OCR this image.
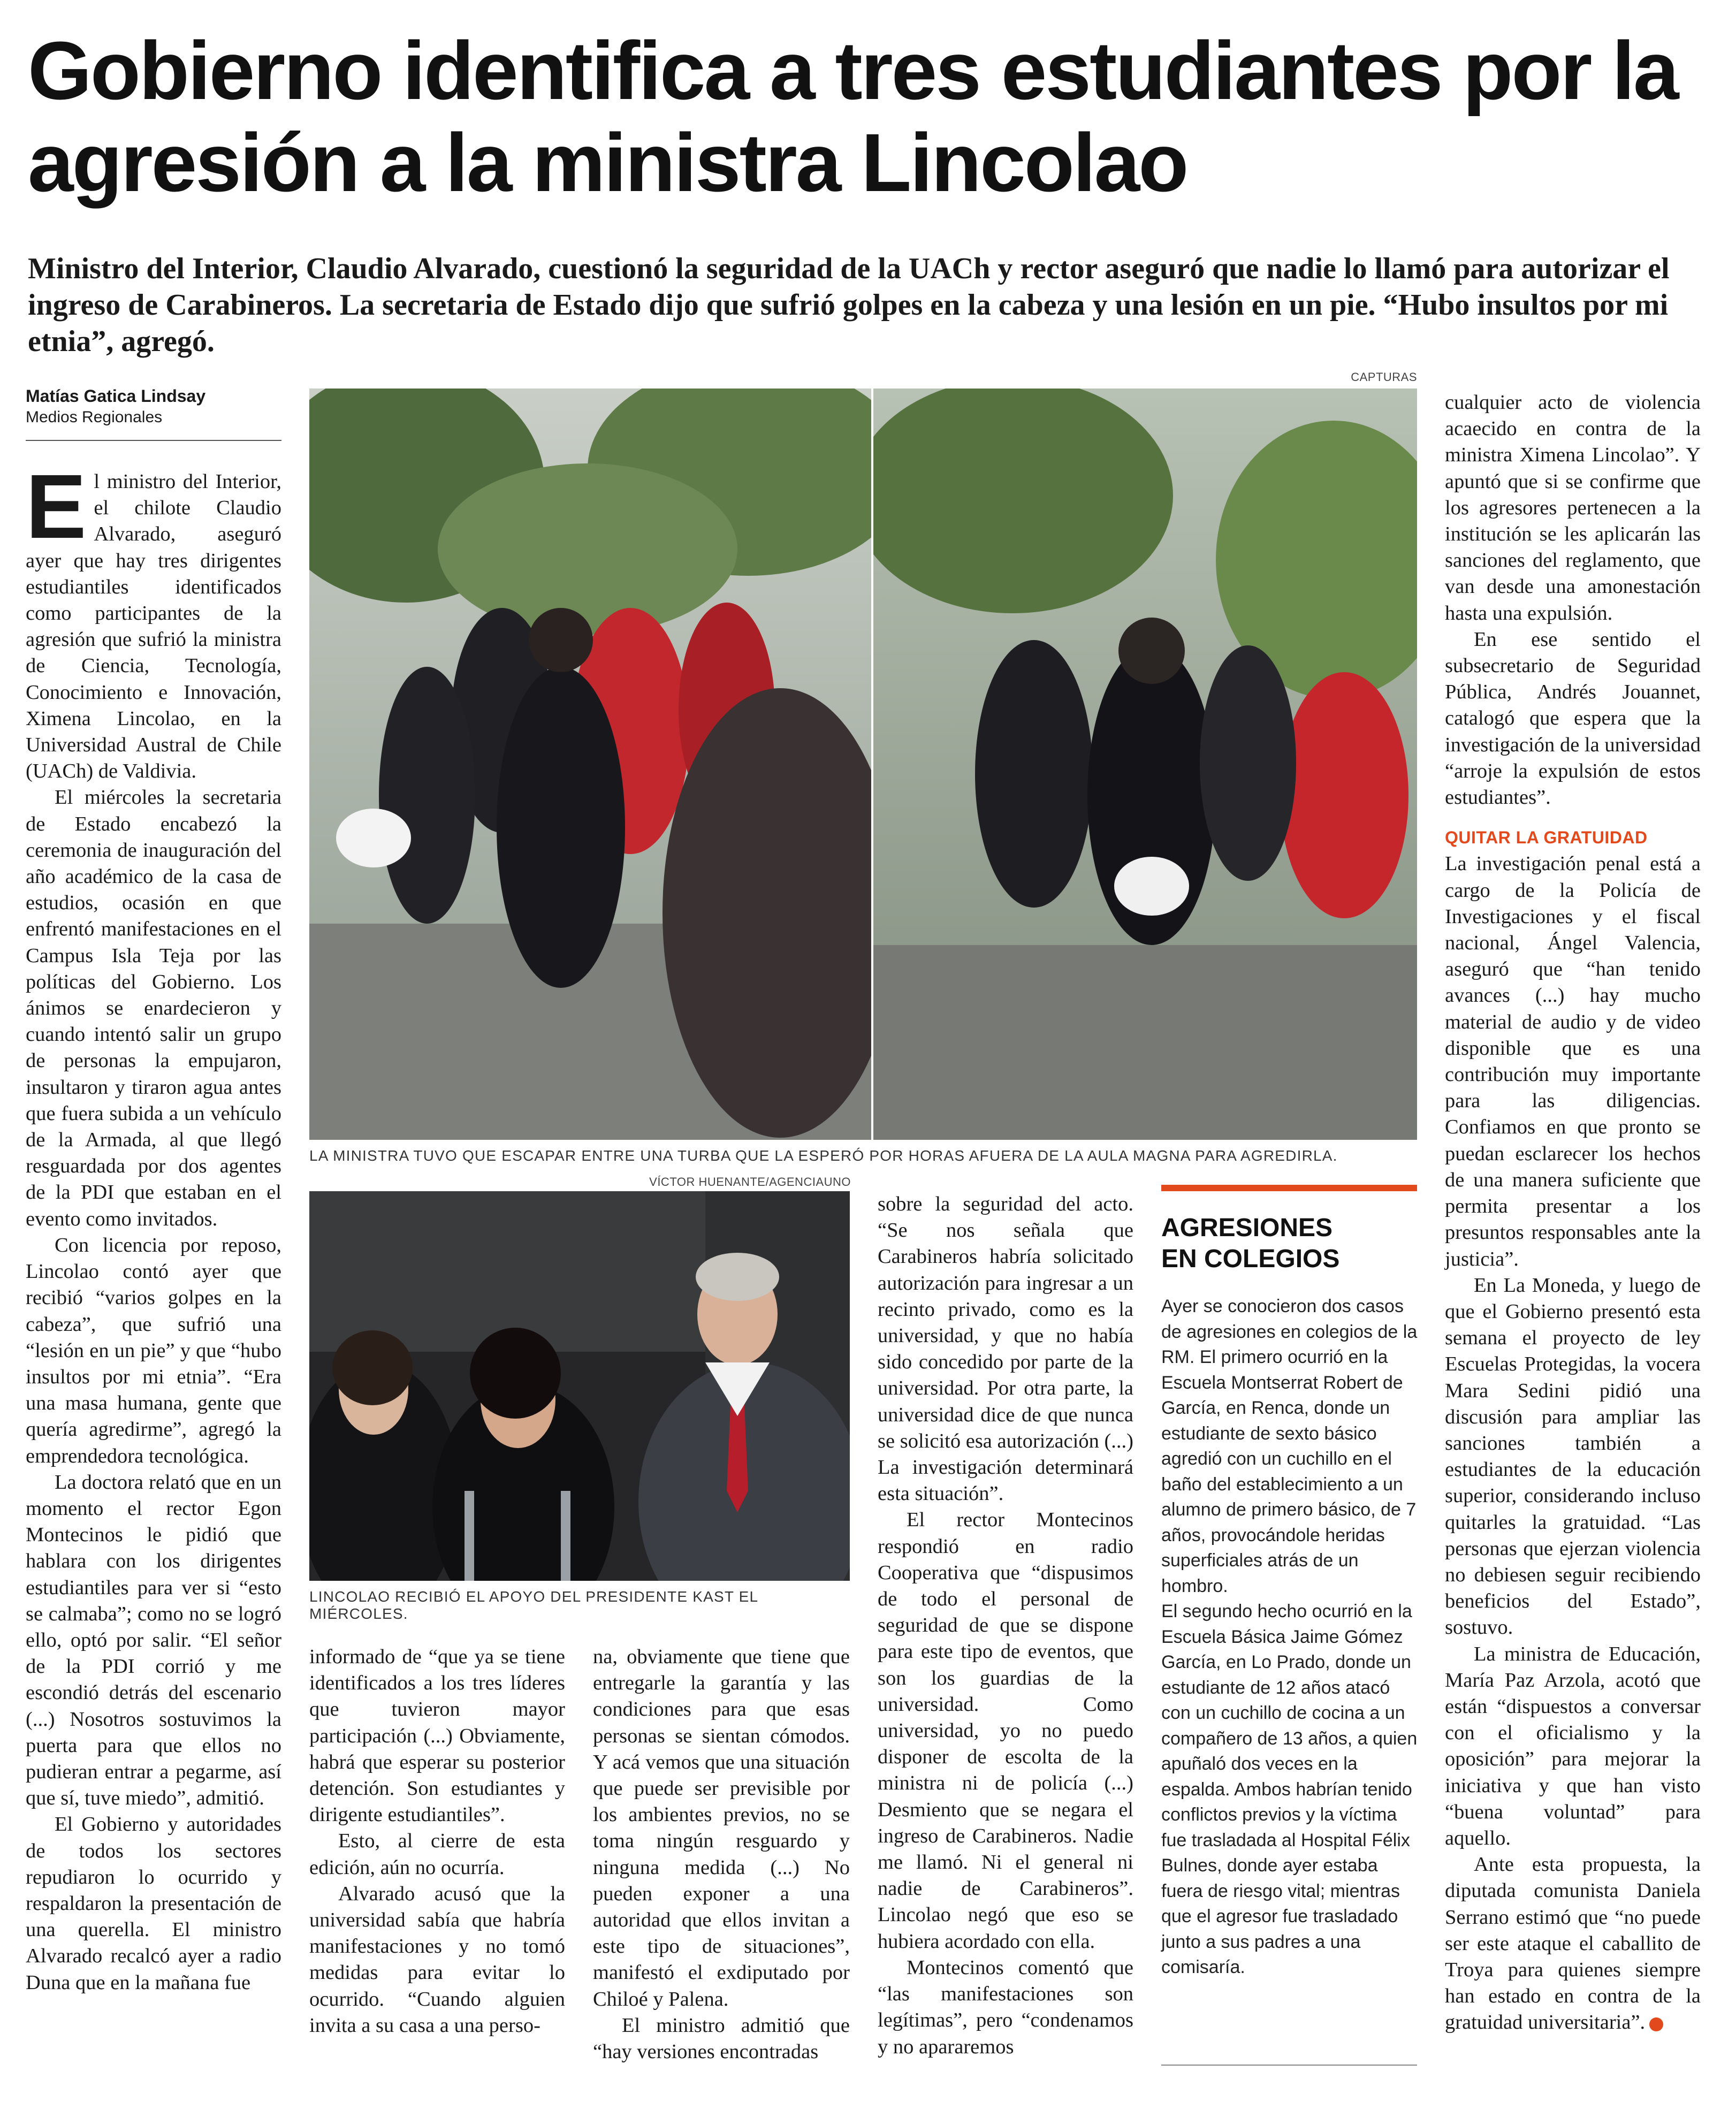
Gobierno identifica a tres estudiantes por la agresión a la ministra Lincolao
Ministro del Interior, Claudio Alvarado, cuestionó la seguridad de la UACh y rector aseguró que nadie lo llamó para autorizar el ingreso de Carabineros. La secretaria de Estado dijo que sufrió golpes en la cabeza y una lesión en un pie. “Hubo insultos por mi etnia”, agregó.
Matías Gatica Lindsay
Medios Regionales
CAPTURAS
LA MINISTRA TUVO QUE ESCAPAR ENTRE UNA TURBA QUE LA ESPERÓ POR HORAS AFUERA DE LA AULA MAGNA PARA AGREDIRLA.
VÍCTOR HUENANTE/AGENCIAUNO
LINCOLAO RECIBIÓ EL APOYO DEL PRESIDENTE KAST EL MIÉRCOLES.

El ministro del Interior, el chilote Claudio Alvarado, aseguró ayer que hay tres dirigentes estudiantiles identificados como participantes de la agresión que sufrió la ministra de Ciencia, Tecnología, Conocimiento e Innovación, Ximena Lincolao, en la Universidad Austral de Chile (UACh) de Valdivia.

El miércoles la secretaria de Estado encabezó la ceremonia de inauguración del año académico de la casa de estudios, ocasión en que enfrentó manifestaciones en el Campus Isla Teja por las políticas del Gobierno. Los ánimos se enardecieron y cuando intentó salir un grupo de personas la empujaron, insultaron y tiraron agua antes que fuera subida a un vehículo de la Armada, al que llegó resguardada por dos agentes de la PDI que estaban en el evento como invitados.

Con licencia por reposo, Lincolao contó ayer que recibió “varios golpes en la cabeza”, que sufrió una “lesión en un pie” y que “hubo insultos por mi etnia”. “Era una masa humana, gente que quería agredirme”, agregó la emprendedora tecnológica.

La doctora relató que en un momento el rector Egon Montecinos le pidió que hablara con los dirigentes estudiantiles para ver si “esto se calmaba”; como no se logró ello, optó por salir. “El señor de la PDI corrió y me escondió detrás del escenario (...) Nosotros sostuvimos la puerta para que ellos no pudieran entrar a pegarme, así que sí, tuve miedo”, admitió.

El Gobierno y autoridades de todos los sectores repudiaron lo ocurrido y respaldaron la presentación de una querella. El ministro Alvarado recalcó ayer a radio Duna que en la mañana fue

informado de “que ya se tiene identificados a los tres líderes que tuvieron mayor participación (...) Obviamente, habrá que esperar su posterior detención. Son estudiantes y dirigente estudiantiles”.

Esto, al cierre de esta edición, aún no ocurría.

Alvarado acusó que la universidad sabía que habría manifestaciones y no tomó medidas para evitar lo ocurrido. “Cuando alguien invita a su casa a una perso-

na, obviamente que tiene que entregarle la garantía y las condiciones para que esas personas se sientan cómodos. Y acá vemos que una situación que puede ser previsible por los ambientes previos, no se toma ningún resguardo y ninguna medida (...) No pueden exponer a una autoridad que ellos invitan a este tipo de situaciones”, manifestó el exdiputado por Chiloé y Palena.

El ministro admitió que “hay versiones encontradas

sobre la seguridad del acto. “Se nos señala que Carabineros habría solicitado autorización para ingresar a un recinto privado, como es la universidad, y que no había sido concedido por parte de la universidad. Por otra parte, la universidad dice de que nunca se solicitó esa autorización (...) La investigación determinará esta situación”.

El rector Montecinos respondió en radio Cooperativa que “dispusimos de todo el personal de seguridad de que se dispone para este tipo de eventos, que son los guardias de la universidad. Como universidad, yo no puedo disponer de escolta de la ministra ni de policía (...) Desmiento que se negara el ingreso de Carabineros. Nadie me llamó. Ni el general ni nadie de Carabineros”. Lincolao negó que eso se hubiera acordado con ella.

Montecinos comentó que “las manifestaciones son legítimas”, pero “condenamos y no apararemos

AGRESIONES
EN COLEGIOS

Ayer se conocieron dos casos de agresiones en colegios de la RM. El primero ocurrió en la Escuela Montserrat Robert de García, en Renca, donde un estudiante de sexto básico agredió con un cuchillo en el baño del establecimiento a un alumno de primero básico, de 7 años, provocándole heridas superficiales atrás de un hombro.

El segundo hecho ocurrió en la Escuela Básica Jaime Gómez García, en Lo Prado, donde un estudiante de 12 años atacó con un cuchillo de cocina a un compañero de 13 años, a quien apuñaló dos veces en la espalda. Ambos habrían tenido conflictos previos y la víctima fue trasladada al Hospital Félix Bulnes, donde ayer estaba fuera de riesgo vital; mientras que el agresor fue trasladado junto a sus padres a una comisaría.

cualquier acto de violencia acaecido en contra de la ministra Ximena Lincolao”. Y apuntó que si se confirme que los agresores pertenecen a la institución se les aplicarán las sanciones del reglamento, que van desde una amonestación hasta una expulsión.

En ese sentido el subsecretario de Seguridad Pública, Andrés Jouannet, catalogó que espera que la investigación de la universidad “arroje la expulsión de estos estudiantes”.

QUITAR LA GRATUIDAD

La investigación penal está a cargo de la Policía de Investigaciones y el fiscal nacional, Ángel Valencia, aseguró que “han tenido avances (...) hay mucho material de audio y de video disponible que es una contribución muy importante para las diligencias. Confiamos en que pronto se puedan esclarecer los hechos de una manera suficiente que permita presentar a los presuntos responsables ante la justicia”.

En La Moneda, y luego de que el Gobierno presentó esta semana el proyecto de ley Escuelas Protegidas, la vocera Mara Sedini pidió una discusión para ampliar las sanciones también a estudiantes de la educación superior, considerando incluso quitarles la gratuidad. “Las personas que ejerzan violencia no debiesen seguir recibiendo beneficios del Estado”, sostuvo.

La ministra de Educación, María Paz Arzola, acotó que están “dispuestos a conversar con el oficialismo y la oposición” para mejorar la iniciativa y que han visto “buena voluntad” para aquello.

Ante esta propuesta, la diputada comunista Daniela Serrano estimó que “no puede ser este ataque el caballito de Troya para quienes siempre han estado en contra de la gratuidad universitaria”.	✪
